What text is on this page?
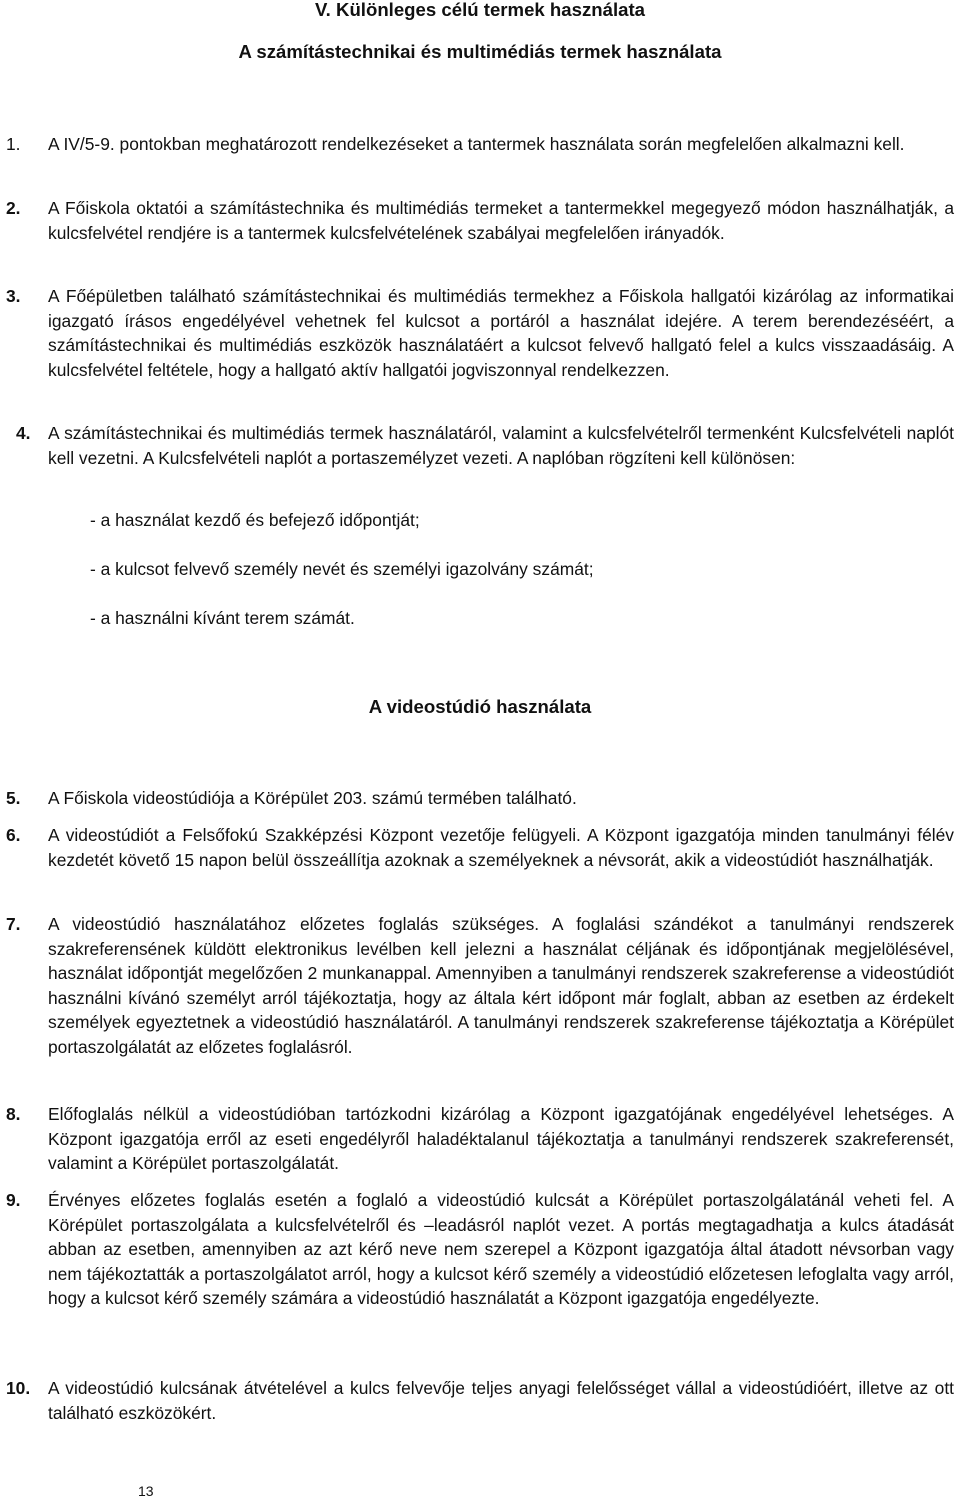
V. Különleges célú termek használata
A számítástechnikai és multimédiás termek használata

1. A IV/5-9. pontokban meghatározott rendelkezéseket a tantermek használata során megfelelően alkalmazni kell.

2. A Főiskola oktatói a számítástechnika és multimédiás termeket a tantermekkel megegyező módon használhatják, a kulcsfelvétel rendjére is a tantermek kulcsfelvételének szabályai megfelelően irányadók.

3. A Főépületben található számítástechnikai és multimédiás termekhez a Főiskola hallgatói kizárólag az informatikai igazgató írásos engedélyével vehetnek fel kulcsot a portáról a használat idejére. A terem berendezéséért, a számítástechnikai és multimédiás eszközök használatáért a kulcsot felvevő hallgató felel a kulcs visszaadásáig. A kulcsfelvétel feltétele, hogy a hallgató aktív hallgatói jogviszonnyal rendelkezzen.

4. A számítástechnikai és multimédiás termek használatáról, valamint a kulcsfelvételről termenként Kulcsfelvételi naplót kell vezetni. A Kulcsfelvételi naplót a portaszemélyzet vezeti. A naplóban rögzíteni kell különösen:

- a használat kezdő és befejező időpontját;

- a kulcsot felvevő személy nevét és személyi igazolvány számát;

- a használni kívánt terem számát.

A videostúdió használata

5. A Főiskola videostúdiója a Körépület 203. számú termében található.

6. A videostúdiót a Felsőfokú Szakképzési Központ vezetője felügyeli. A Központ igazgatója minden tanulmányi félév kezdetét követő 15 napon belül összeállítja azoknak a személyeknek a névsorát, akik a videostúdiót használhatják.

7. A videostúdió használatához előzetes foglalás szükséges. A foglalási szándékot a tanulmányi rendszerek szakreferensének küldött elektronikus levélben kell jelezni a használat céljának és időpontjának megjelölésével, használat időpontját megelőzően 2 munkanappal. Amennyiben a tanulmányi rendszerek szakreferense a videostúdiót használni kívánó személyt arról tájékoztatja, hogy az általa kért időpont már foglalt, abban az esetben az érdekelt személyek egyeztetnek a videostúdió használatáról. A tanulmányi rendszerek szakreferense tájékoztatja a Körépület portaszolgálatát az előzetes foglalásról.

8. Előfoglalás nélkül a videostúdióban tartózkodni kizárólag a Központ igazgatójának engedélyével lehetséges. A Központ igazgatója erről az eseti engedélyről haladéktalanul tájékoztatja a tanulmányi rendszerek szakreferensét, valamint a Körépület portaszolgálatát.

9. Érvényes előzetes foglalás esetén a foglaló a videostúdió kulcsát a Körépület portaszolgálatánál veheti fel. A Körépület portaszolgálata a kulcsfelvételről és –leadásról naplót vezet. A portás megtagadhatja a kulcs átadását abban az esetben, amennyiben az azt kérő neve nem szerepel a Központ igazgatója által átadott névsorban vagy nem tájékoztatták a portaszolgálatot arról, hogy a kulcsot kérő személy a videostúdió előzetesen lefoglalta vagy arról, hogy a kulcsot kérő személy számára a videostúdió használatát a Központ igazgatója engedélyezte.

10. A videostúdió kulcsának átvételével a kulcs felvevője teljes anyagi felelősséget vállal a videostúdióért, illetve az ott található eszközökért.

13
